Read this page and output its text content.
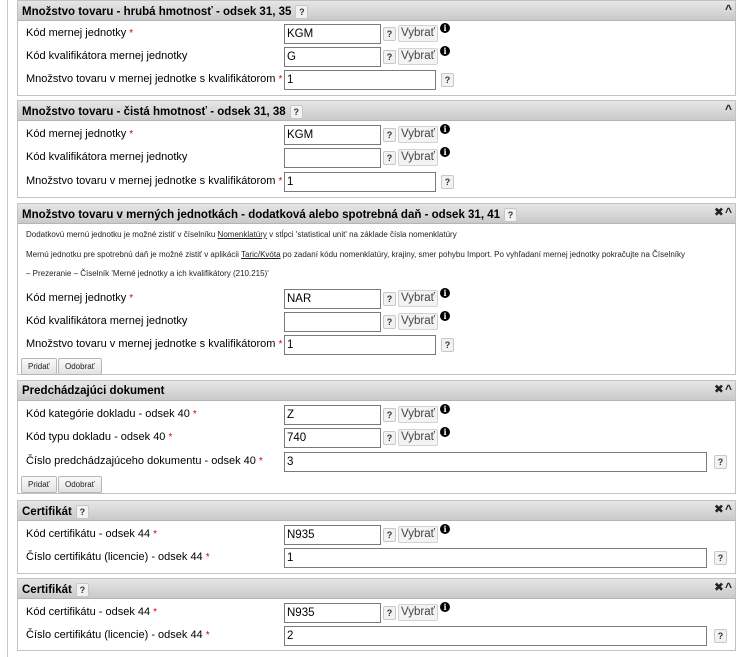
Množstvo tovaru - hrubá hmotnosť - odsek 31, 35 ?	^
Kód mernej jednotky *
KGM	? Vybrať	i
Kód kvalifikátora mernej jednotky
G	? Vybrať	i
Množstvo tovaru v mernej jednotke s kvalifikátorom *
1	?
Množstvo tovaru - čistá hmotnosť - odsek 31, 38 ?	^
Kód mernej jednotky *
KGM	? Vybrať	i
Kód kvalifikátora mernej jednotky	? Vybrať	i
Množstvo tovaru v mernej jednotke s kvalifikátorom *
1	?
Množstvo tovaru v merných jednotkách - dodatková alebo spotrebná daň - odsek 31, 41 ?	✖^
Dodatkovú mernú jednotku je možné zistiť v číselníku Nomenklatúry v stĺpci 'statistical unit' na základe čísla nomenklatúry
Mernú jednotku pre spotrebnú daň je možné zistiť v aplikácii Taric/Kvóta po zadaní kódu nomenklatúry, krajiny, smer pohybu Import. Po vyhľadaní mernej jednotky pokračujte na Číselníky
– Prezeranie – Číselník 'Merné jednotky a ich kvalifikátory (210.215)'
Kód mernej jednotky *
NAR	? Vybrať	i
Kód kvalifikátora mernej jednotky	? Vybrať	i
Množstvo tovaru v mernej jednotke s kvalifikátorom *
1	?
Pridať	Odobrať
Predchádzajúci dokument	✖^
Kód kategórie dokladu - odsek 40 *
Z	? Vybrať	i
Kód typu dokladu - odsek 40 *
740	? Vybrať	i
Číslo predchádzajúceho dokumentu - odsek 40 *
3	?
Pridať	Odobrať
Certifikát ?	✖^
Kód certifikátu - odsek 44 *
N935	? Vybrať	i
Číslo certifikátu (licencie) - odsek 44 *
1	?
Certifikát ?	✖^
Kód certifikátu - odsek 44 *
N935	? Vybrať	i
Číslo certifikátu (licencie) - odsek 44 *
2	?
